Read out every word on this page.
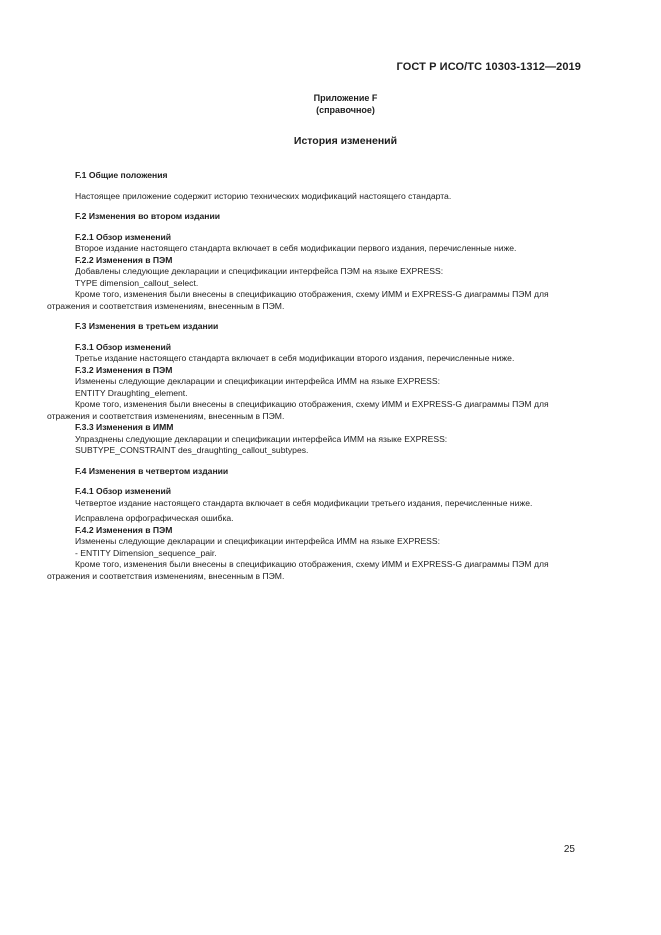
ГОСТ Р ИСО/ТС 10303-1312—2019
Приложение F
(справочное)
История изменений

F.1 Общие положения

Настоящее приложение содержит историю технических модификаций настоящего стандарта.

F.2 Изменения во втором издании

F.2.1 Обзор изменений

Второе издание настоящего стандарта включает в себя модификации первого издания, перечисленные ниже.

F.2.2 Изменения в ПЭМ

Добавлены следующие декларации и спецификации интерфейса ПЭМ на языке EXPRESS:

TYPE dimension_callout_select.

Кроме того, изменения были внесены в спецификацию отображения, схему ИММ и EXPRESS-G диаграммы ПЭМ для отражения и соответствия изменениям, внесенным в ПЭМ.

F.3 Изменения в третьем издании

F.3.1 Обзор изменений

Третье издание настоящего стандарта включает в себя модификации второго издания, перечисленные ниже.

F.3.2 Изменения в ПЭМ

Изменены следующие декларации и спецификации интерфейса ИММ на языке EXPRESS:

ENTITY Draughting_element.

Кроме того, изменения были внесены в спецификацию отображения, схему ИММ и EXPRESS-G диаграммы ПЭМ для отражения и соответствия изменениям, внесенным в ПЭМ.

F.3.3 Изменения в ИММ

Упразднены следующие декларации и спецификации интерфейса ИММ на языке EXPRESS:

SUBTYPE_CONSTRAINT des_draughting_callout_subtypes.

F.4 Изменения в четвертом издании

F.4.1 Обзор изменений

Четвертое издание настоящего стандарта включает в себя модификации третьего издания, перечисленные ниже.

Исправлена орфографическая ошибка.

F.4.2 Изменения в ПЭМ

Изменены следующие декларации и спецификации интерфейса ИММ на языке EXPRESS:

- ENTITY Dimension_sequence_pair.

Кроме того, изменения были внесены в спецификацию отображения, схему ИММ и EXPRESS-G диаграммы ПЭМ для отражения и соответствия изменениям, внесенным в ПЭМ.

25
